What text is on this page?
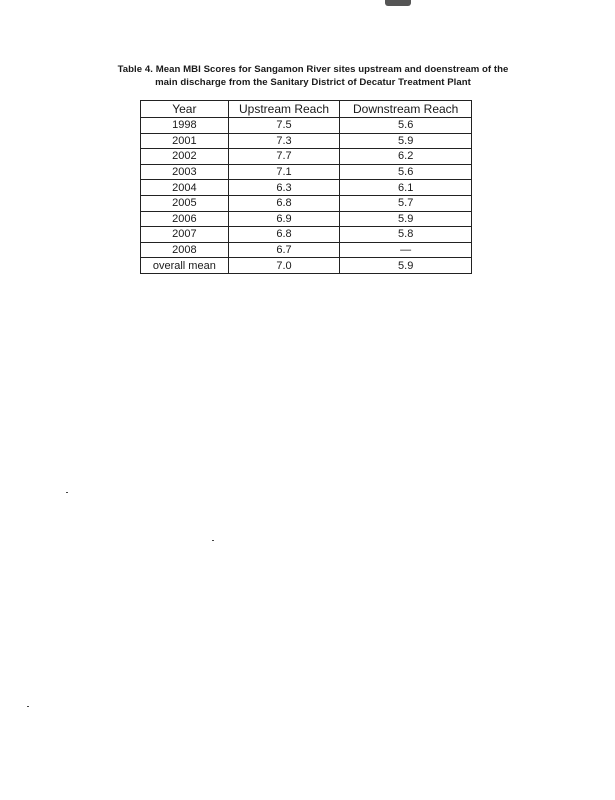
Table 4. Mean MBI Scores for Sangamon River sites upstream and doenstream of the
main discharge from the Sanitary District of Decatur Treatment Plant
Year	Upstream Reach	Downstream Reach
1998	7.5	5.6
2001	7.3	5.9
2002	7.7	6.2
2003	7.1	5.6
2004	6.3	6.1
2005	6.8	5.7
2006	6.9	5.9
2007	6.8	5.8
2008	6.7	—
overall mean	7.0	5.9
